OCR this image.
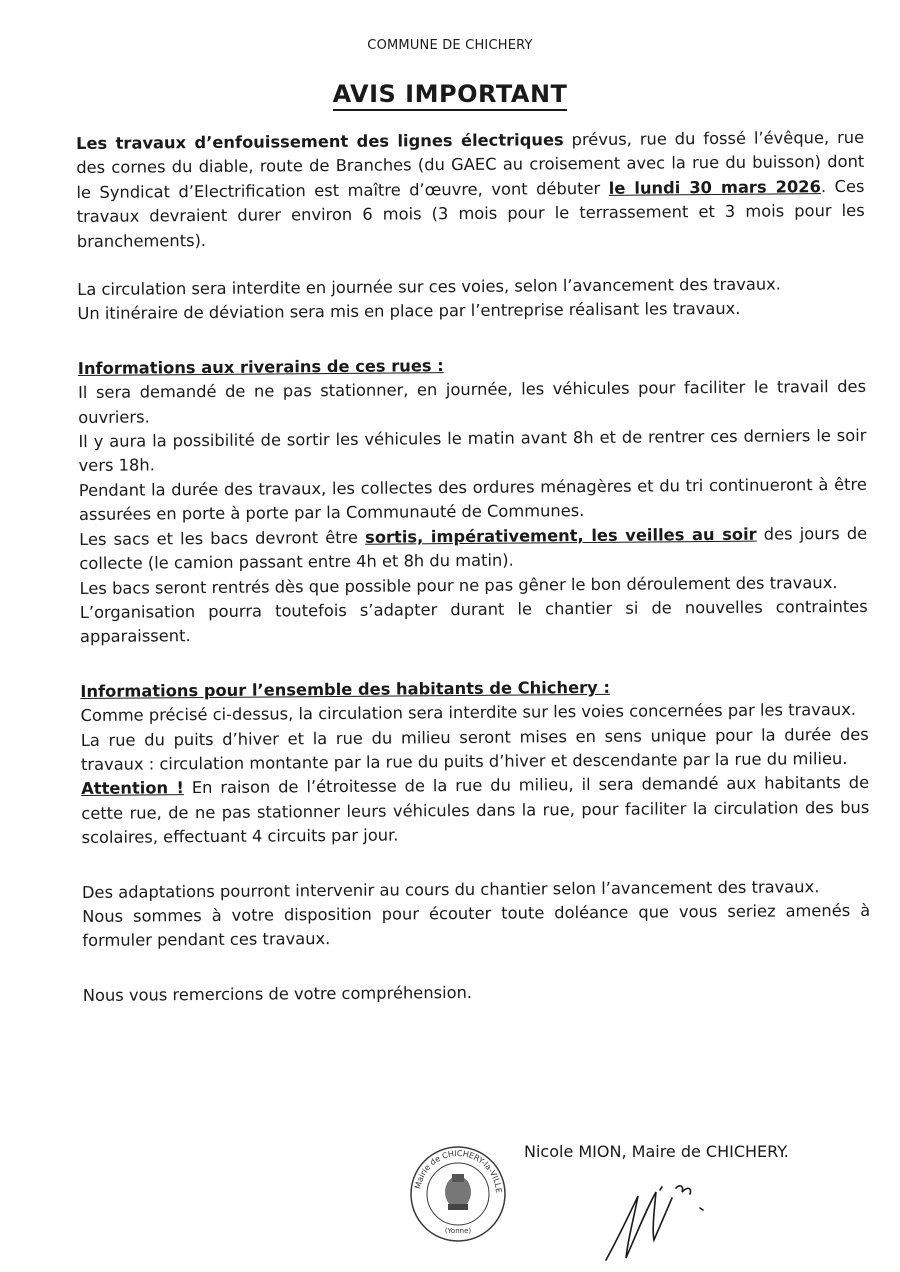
COMMUNE DE CHICHERY
AVIS IMPORTANT

Les travaux d’enfouissement des lignes électriques prévus, rue du fossé l’évêque, rue des cornes du diable, route de Branches (du GAEC au croisement avec la rue du buisson) dont le Syndicat d’Electrification est maître d’œuvre, vont débuter le lundi 30 mars 2026. Ces travaux devraient durer environ 6 mois (3 mois pour le terrassement et 3 mois pour les branchements).

La circulation sera interdite en journée sur ces voies, selon l’avancement des travaux.

Un itinéraire de déviation sera mis en place par l’entreprise réalisant les travaux.

Informations aux riverains de ces rues :

Il sera demandé de ne pas stationner, en journée, les véhicules pour faciliter le travail des ouvriers.

Il y aura la possibilité de sortir les véhicules le matin avant 8h et de rentrer ces derniers le soir vers 18h.

Pendant la durée des travaux, les collectes des ordures ménagères et du tri continueront à être assurées en porte à porte par la Communauté de Communes.

Les sacs et les bacs devront être sortis, impérativement, les veilles au soir des jours de collecte (le camion passant entre 4h et 8h du matin).

Les bacs seront rentrés dès que possible pour ne pas gêner le bon déroulement des travaux.

L’organisation pourra toutefois s’adapter durant le chantier si de nouvelles contraintes apparaissent.

Informations pour l’ensemble des habitants de Chichery :

Comme précisé ci-dessus, la circulation sera interdite sur les voies concernées par les travaux.

La rue du puits d’hiver et la rue du milieu seront mises en sens unique pour la durée des travaux : circulation montante par la rue du puits d’hiver et descendante par la rue du milieu.

Attention ! En raison de l’étroitesse de la rue du milieu, il sera demandé aux habitants de cette rue, de ne pas stationner leurs véhicules dans la rue, pour faciliter la circulation des bus scolaires, effectuant 4 circuits par jour.

Des adaptations pourront intervenir au cours du chantier selon l’avancement des travaux.

Nous sommes à votre disposition pour écouter toute doléance que vous seriez amenés à formuler pendant ces travaux.

Nous vous remercions de votre compréhension.

Mairie de CHICHERY-la-VILLE
(Yonne)
Nicole MION, Maire de CHICHERY.
